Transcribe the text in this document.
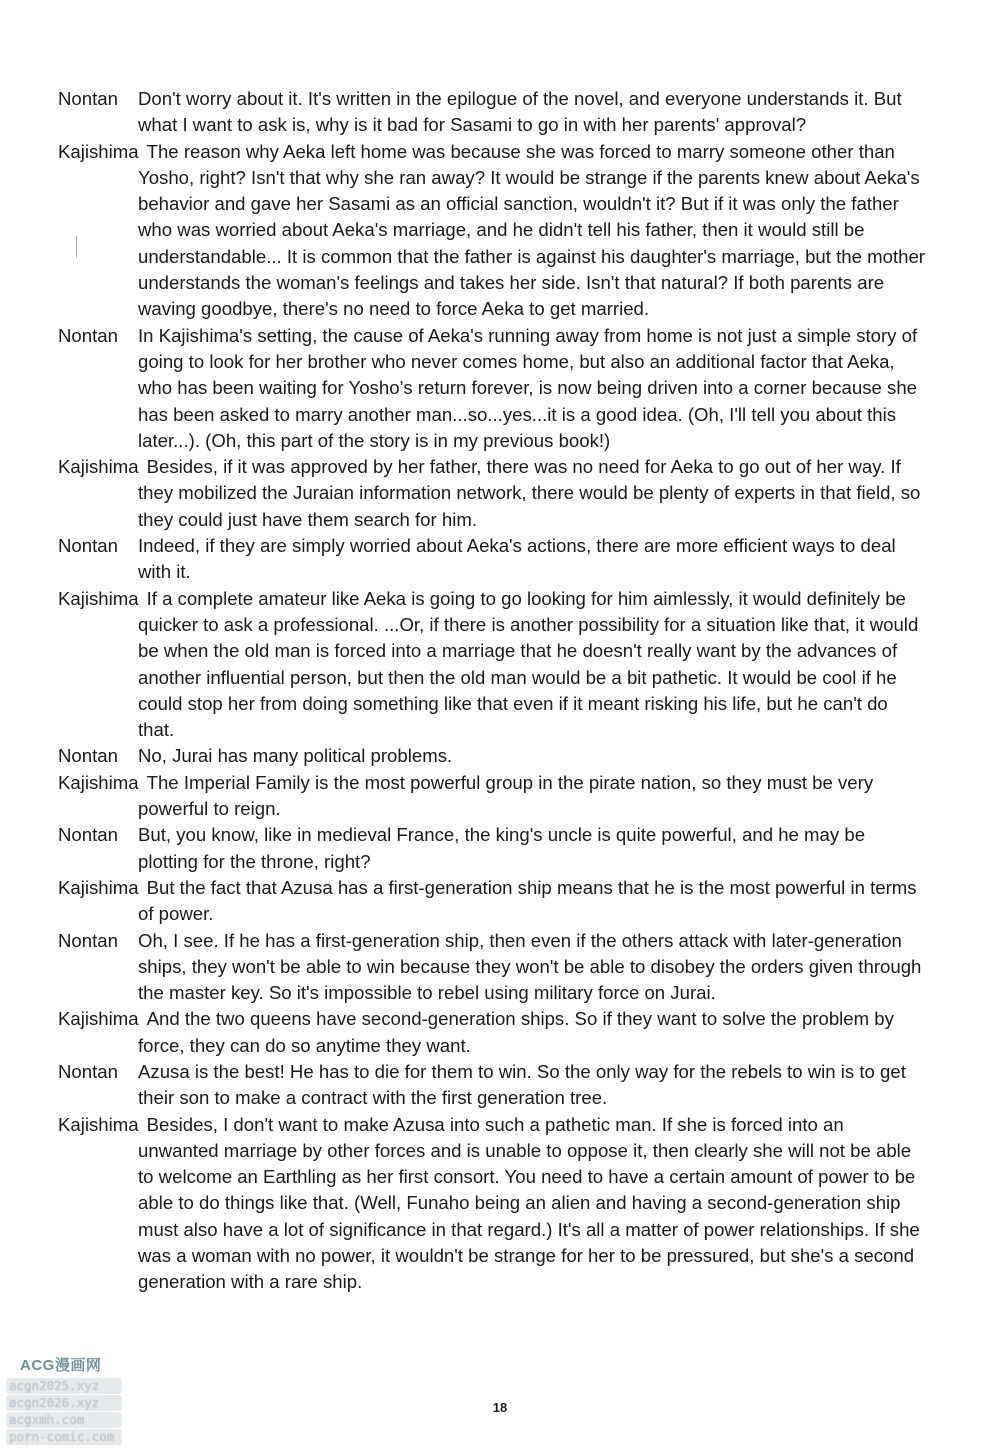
Nontan Don't worry about it. It's written in the epilogue of the novel, and everyone understands it. But what I want to ask is, why is it bad for Sasami to go in with her parents' approval?
Kajishima The reason why Aeka left home was because she was forced to marry someone other than Yosho, right? Isn't that why she ran away? It would be strange if the parents knew about Aeka's behavior and gave her Sasami as an official sanction, wouldn't it? But if it was only the father who was worried about Aeka's marriage, and he didn't tell his father, then it would still be understandable... It is common that the father is against his daughter's marriage, but the mother understands the woman's feelings and takes her side. Isn't that natural? If both parents are waving goodbye, there's no need to force Aeka to get married.
Nontan In Kajishima's setting, the cause of Aeka's running away from home is not just a simple story of going to look for her brother who never comes home, but also an additional factor that Aeka, who has been waiting for Yosho’s return forever, is now being driven into a corner because she has been asked to marry another man...so...yes...it is a good idea. (Oh, I'll tell you about this later...). (Oh, this part of the story is in my previous book!)
Kajishima Besides, if it was approved by her father, there was no need for Aeka to go out of her way. If they mobilized the Juraian information network, there would be plenty of experts in that field, so they could just have them search for him.
Nontan Indeed, if they are simply worried about Aeka's actions, there are more efficient ways to deal with it.
Kajishima If a complete amateur like Aeka is going to go looking for him aimlessly, it would definitely be quicker to ask a professional. ...Or, if there is another possibility for a situation like that, it would be when the old man is forced into a marriage that he doesn't really want by the advances of another influential person, but then the old man would be a bit pathetic. It would be cool if he could stop her from doing something like that even if it meant risking his life, but he can't do that.
Nontan No, Jurai has many political problems.
Kajishima The Imperial Family is the most powerful group in the pirate nation, so they must be very powerful to reign.
Nontan But, you know, like in medieval France, the king's uncle is quite powerful, and he may be plotting for the throne, right?
Kajishima But the fact that Azusa has a first-generation ship means that he is the most powerful in terms of power.
Nontan Oh, I see. If he has a first-generation ship, then even if the others attack with later-generation ships, they won't be able to win because they won't be able to disobey the orders given through the master key. So it's impossible to rebel using military force on Jurai.
Kajishima And the two queens have second-generation ships. So if they want to solve the problem by force, they can do so anytime they want.
Nontan Azusa is the best! He has to die for them to win. So the only way for the rebels to win is to get their son to make a contract with the first generation tree.
Kajishima Besides, I don't want to make Azusa into such a pathetic man. If she is forced into an unwanted marriage by other forces and is unable to oppose it, then clearly she will not be able to welcome an Earthling as her first consort. You need to have a certain amount of power to be able to do things like that. (Well, Funaho being an alien and having a second-generation ship must also have a lot of significance in that regard.) It's all a matter of power relationships. If she was a woman with no power, it wouldn't be strange for her to be pressured, but she's a second generation with a rare ship.
18
ACG漫画网
acgn2025.xyz
acgn2026.xyz
acgxmh.com
porn-comic.com
